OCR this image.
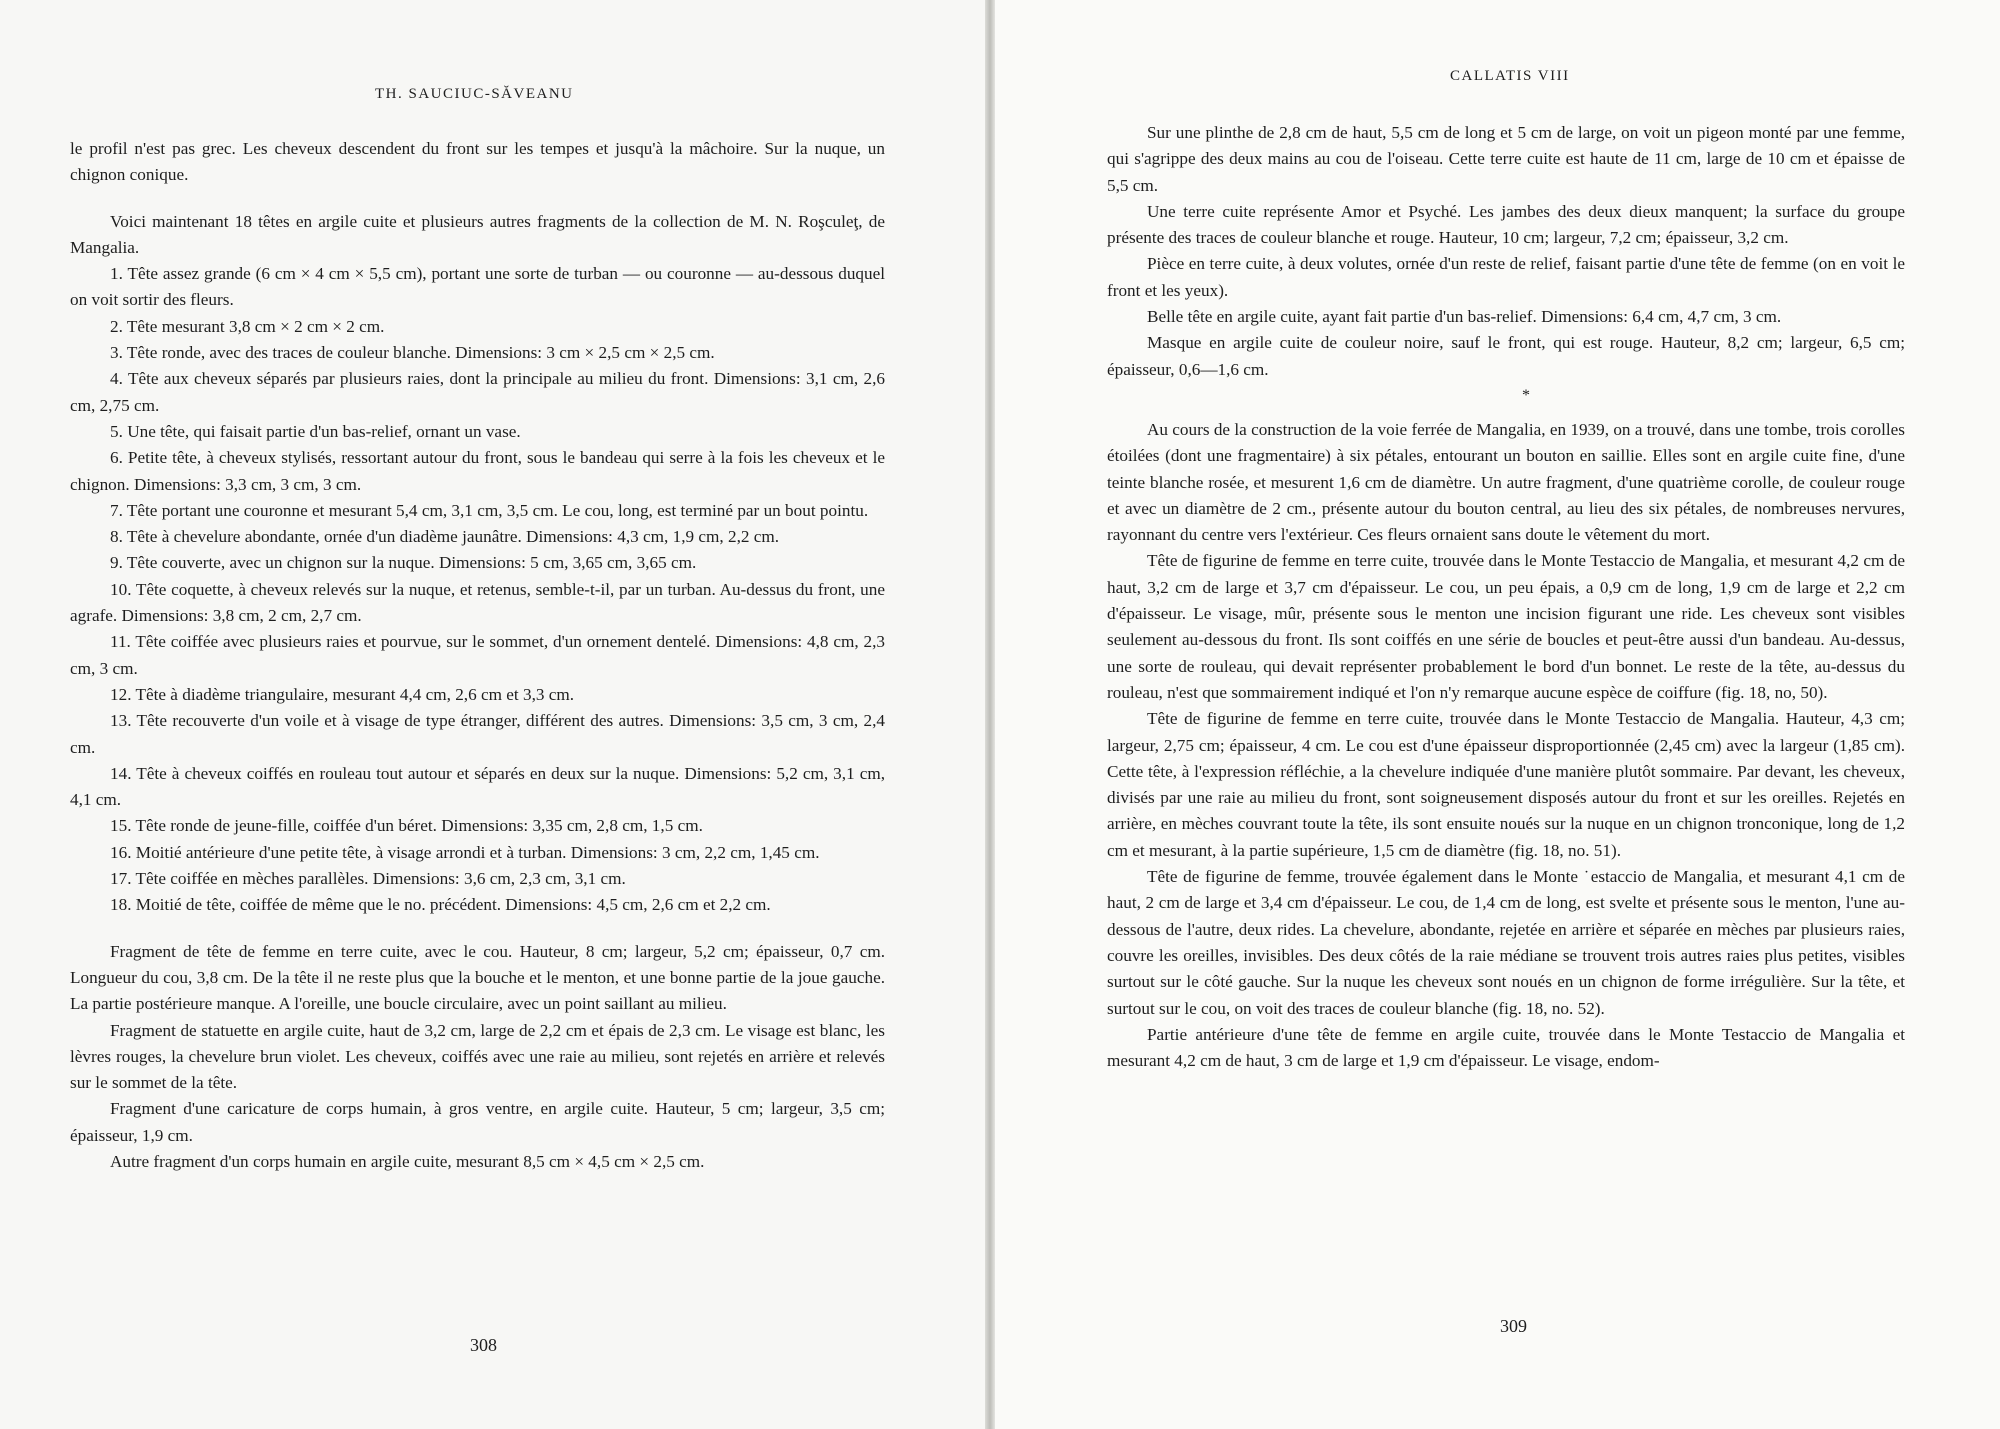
TH. SAUCIUC-SĂVEANU

le profil n'est pas grec. Les cheveux descendent du front sur les tempes et jusqu'à la mâchoire. Sur la nuque, un chignon conique.

Voici maintenant 18 têtes en argile cuite et plusieurs autres fragments de la collection de M. N. Roşculeţ, de Mangalia.

1. Tête assez grande (6 cm × 4 cm × 5,5 cm), portant une sorte de turban — ou couronne — au-dessous duquel on voit sortir des fleurs.

2. Tête mesurant 3,8 cm × 2 cm × 2 cm.

3. Tête ronde, avec des traces de couleur blanche. Dimensions: 3 cm × 2,5 cm × 2,5 cm.

4. Tête aux cheveux séparés par plusieurs raies, dont la principale au milieu du front. Dimensions: 3,1 cm, 2,6 cm, 2,75 cm.

5. Une tête, qui faisait partie d'un bas-relief, ornant un vase.

6. Petite tête, à cheveux stylisés, ressortant autour du front, sous le bandeau qui serre à la fois les cheveux et le chignon. Dimensions: 3,3 cm, 3 cm, 3 cm.

7. Tête portant une couronne et mesurant 5,4 cm, 3,1 cm, 3,5 cm. Le cou, long, est terminé par un bout pointu.

8. Tête à chevelure abondante, ornée d'un diadème jaunâtre. Dimensions: 4,3 cm, 1,9 cm, 2,2 cm.

9. Tête couverte, avec un chignon sur la nuque. Dimensions: 5 cm, 3,65 cm, 3,65 cm.

10. Tête coquette, à cheveux relevés sur la nuque, et retenus, semble-t-il, par un turban. Au-dessus du front, une agrafe. Dimensions: 3,8 cm, 2 cm, 2,7 cm.

11. Tête coiffée avec plusieurs raies et pourvue, sur le sommet, d'un ornement dentelé. Dimensions: 4,8 cm, 2,3 cm, 3 cm.

12. Tête à diadème triangulaire, mesurant 4,4 cm, 2,6 cm et 3,3 cm.

13. Tête recouverte d'un voile et à visage de type étranger, différent des autres. Dimensions: 3,5 cm, 3 cm, 2,4 cm.

14. Tête à cheveux coiffés en rouleau tout autour et séparés en deux sur la nuque. Dimensions: 5,2 cm, 3,1 cm, 4,1 cm.

15. Tête ronde de jeune-fille, coiffée d'un béret. Dimensions: 3,35 cm, 2,8 cm, 1,5 cm.

16. Moitié antérieure d'une petite tête, à visage arrondi et à turban. Dimensions: 3 cm, 2,2 cm, 1,45 cm.

17. Tête coiffée en mèches parallèles. Dimensions: 3,6 cm, 2,3 cm, 3,1 cm.

18. Moitié de tête, coiffée de même que le no. précédent. Dimensions: 4,5 cm, 2,6 cm et 2,2 cm.

Fragment de tête de femme en terre cuite, avec le cou. Hauteur, 8 cm; largeur, 5,2 cm; épaisseur, 0,7 cm. Longueur du cou, 3,8 cm. De la tête il ne reste plus que la bouche et le menton, et une bonne partie de la joue gauche. La partie postérieure manque. A l'oreille, une boucle circulaire, avec un point saillant au milieu.

Fragment de statuette en argile cuite, haut de 3,2 cm, large de 2,2 cm et épais de 2,3 cm. Le visage est blanc, les lèvres rouges, la chevelure brun violet. Les cheveux, coiffés avec une raie au milieu, sont rejetés en arrière et relevés sur le sommet de la tête.

Fragment d'une caricature de corps humain, à gros ventre, en argile cuite. Hauteur, 5 cm; largeur, 3,5 cm; épaisseur, 1,9 cm.

Autre fragment d'un corps humain en argile cuite, mesurant 8,5 cm × 4,5 cm × 2,5 cm.

308
CALLATIS VIII

Sur une plinthe de 2,8 cm de haut, 5,5 cm de long et 5 cm de large, on voit un pigeon monté par une femme, qui s'agrippe des deux mains au cou de l'oiseau. Cette terre cuite est haute de 11 cm, large de 10 cm et épaisse de 5,5 cm.

Une terre cuite représente Amor et Psyché. Les jambes des deux dieux manquent; la surface du groupe présente des traces de couleur blanche et rouge. Hauteur, 10 cm; largeur, 7,2 cm; épaisseur, 3,2 cm.

Pièce en terre cuite, à deux volutes, ornée d'un reste de relief, faisant partie d'une tête de femme (on en voit le front et les yeux).

Belle tête en argile cuite, ayant fait partie d'un bas-relief. Dimensions: 6,4 cm, 4,7 cm, 3 cm.

Masque en argile cuite de couleur noire, sauf le front, qui est rouge. Hauteur, 8,2 cm; largeur, 6,5 cm; épaisseur, 0,6—1,6 cm.

*

Au cours de la construction de la voie ferrée de Mangalia, en 1939, on a trouvé, dans une tombe, trois corolles étoilées (dont une fragmentaire) à six pétales, entourant un bouton en saillie. Elles sont en argile cuite fine, d'une teinte blanche rosée, et mesurent 1,6 cm de diamètre. Un autre fragment, d'une quatrième corolle, de couleur rouge et avec un diamètre de 2 cm., présente autour du bouton central, au lieu des six pétales, de nombreuses nervures, rayonnant du centre vers l'extérieur. Ces fleurs ornaient sans doute le vêtement du mort.

Tête de figurine de femme en terre cuite, trouvée dans le Monte Testaccio de Mangalia, et mesurant 4,2 cm de haut, 3,2 cm de large et 3,7 cm d'épaisseur. Le cou, un peu épais, a 0,9 cm de long, 1,9 cm de large et 2,2 cm d'épaisseur. Le visage, mûr, présente sous le menton une incision figurant une ride. Les cheveux sont visibles seulement au-dessous du front. Ils sont coiffés en une série de boucles et peut-être aussi d'un bandeau. Au-dessus, une sorte de rouleau, qui devait représenter probablement le bord d'un bonnet. Le reste de la tête, au-dessus du rouleau, n'est que sommairement indiqué et l'on n'y remarque aucune espèce de coiffure (fig. 18, no, 50).

Tête de figurine de femme en terre cuite, trouvée dans le Monte Testaccio de Mangalia. Hauteur, 4,3 cm; largeur, 2,75 cm; épaisseur, 4 cm. Le cou est d'une épaisseur disproportionnée (2,45 cm) avec la largeur (1,85 cm). Cette tête, à l'expression réfléchie, a la chevelure indiquée d'une manière plutôt sommaire. Par devant, les cheveux, divisés par une raie au milieu du front, sont soigneusement disposés autour du front et sur les oreilles. Rejetés en arrière, en mèches couvrant toute la tête, ils sont ensuite noués sur la nuque en un chignon tronconique, long de 1,2 cm et mesurant, à la partie supérieure, 1,5 cm de diamètre (fig. 18, no. 51).

Tête de figurine de femme, trouvée également dans le Monte ˙estaccio de Mangalia, et mesurant 4,1 cm de haut, 2 cm de large et 3,4 cm d'épaisseur. Le cou, de 1,4 cm de long, est svelte et présente sous le menton, l'une au-dessous de l'autre, deux rides. La chevelure, abondante, rejetée en arrière et séparée en mèches par plusieurs raies, couvre les oreilles, invisibles. Des deux côtés de la raie médiane se trouvent trois autres raies plus petites, visibles surtout sur le côté gauche. Sur la nuque les cheveux sont noués en un chignon de forme irrégulière. Sur la tête, et surtout sur le cou, on voit des traces de couleur blanche (fig. 18, no. 52).

Partie antérieure d'une tête de femme en argile cuite, trouvée dans le Monte Testaccio de Mangalia et mesurant 4,2 cm de haut, 3 cm de large et 1,9 cm d'épaisseur. Le visage, endom-

309
